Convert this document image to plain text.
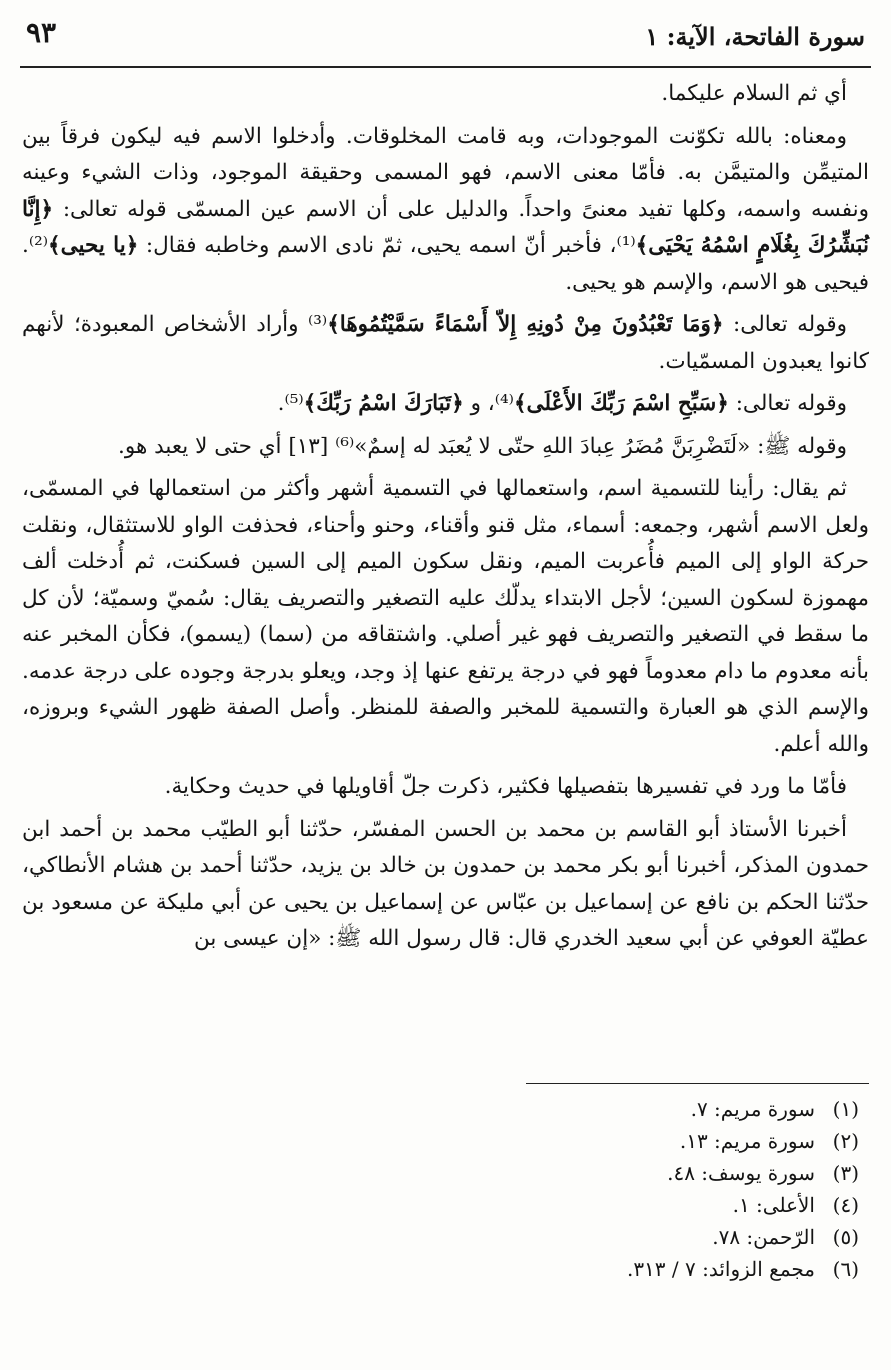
سورة الفاتحة، الآية: ١
٩٣

أي ثم السلام عليكما.

ومعناه: بالله تكوّنت الموجودات، وبه قامت المخلوقات. وأدخلوا الاسم فيه ليكون فرقاً بين المتيمِّن والمتيمَّن به. فأمّا معنى الاسم، فهو المسمى وحقيقة الموجود، وذات الشيء وعينه ونفسه واسمه، وكلها تفيد معنىً واحداً. والدليل على أن الاسم عين المسمّى قوله تعالى: ﴿إِنَّا نُبَشِّرُكَ بِغُلَامٍ اسْمُهُ يَحْيَى﴾⁽¹⁾، فأخبر أنّ اسمه يحيى، ثمّ نادى الاسم وخاطبه فقال: ﴿يا يحيى﴾⁽²⁾. فيحيى هو الاسم، والإسم هو يحيى.

وقوله تعالى: ﴿وَمَا تَعْبُدُونَ مِنْ دُونِهِ إِلاّ أَسْمَاءً سَمَّيْتُمُوهَا﴾⁽³⁾ وأراد الأشخاص المعبودة؛ لأنهم كانوا يعبدون المسمّيات.

وقوله تعالى: ﴿سَبِّحِ اسْمَ رَبِّكَ الأَعْلَى﴾⁽⁴⁾، و ﴿تَبَارَكَ اسْمُ رَبِّكَ﴾⁽⁵⁾.

وقوله ﷺ: «لَتَضْرِبَنَّ مُضَرُ عِبادَ اللهِ حتّى لا يُعبَد له إسمٌ»⁽⁶⁾ [١٣] أي حتى لا يعبد هو.

ثم يقال: رأينا للتسمية اسم، واستعمالها في التسمية أشهر وأكثر من استعمالها في المسمّى، ولعل الاسم أشهر، وجمعه: أسماء، مثل قنو وأقناء، وحنو وأحناء، فحذفت الواو للاستثقال، ونقلت حركة الواو إلى الميم فأُعربت الميم، ونقل سكون الميم إلى السين فسكنت، ثم أُدخلت ألف مهموزة لسكون السين؛ لأجل الابتداء يدلّك عليه التصغير والتصريف يقال: سُميّ وسميّة؛ لأن كل ما سقط في التصغير والتصريف فهو غير أصلي. واشتقاقه من (سما) (يسمو)، فكأن المخبر عنه بأنه معدوم ما دام معدوماً فهو في درجة يرتفع عنها إذ وجد، ويعلو بدرجة وجوده على درجة عدمه. والإسم الذي هو العبارة والتسمية للمخبر والصفة للمنظر. وأصل الصفة ظهور الشيء وبروزه، والله أعلم.

فأمّا ما ورد في تفسيرها بتفصيلها فكثير، ذكرت جلّ أقاويلها في حديث وحكاية.

أخبرنا الأستاذ أبو القاسم بن محمد بن الحسن المفسّر، حدّثنا أبو الطيّب محمد بن أحمد ابن حمدون المذكر، أخبرنا أبو بكر محمد بن حمدون بن خالد بن يزيد، حدّثنا أحمد بن هشام الأنطاكي، حدّثنا الحكم بن نافع عن إسماعيل بن عبّاس عن إسماعيل بن يحيى عن أبي مليكة عن مسعود بن عطيّة العوفي عن أبي سعيد الخدري قال: قال رسول الله ﷺ: «إن عيسى بن

(١)سورة مريم: ٧.
(٢)سورة مريم: ١٣.
(٣)سورة يوسف: ٤٨.
(٤)الأعلى: ١.
(٥)الرّحمن: ٧٨.
(٦)مجمع الزوائد: ٧ / ٣١٣.
